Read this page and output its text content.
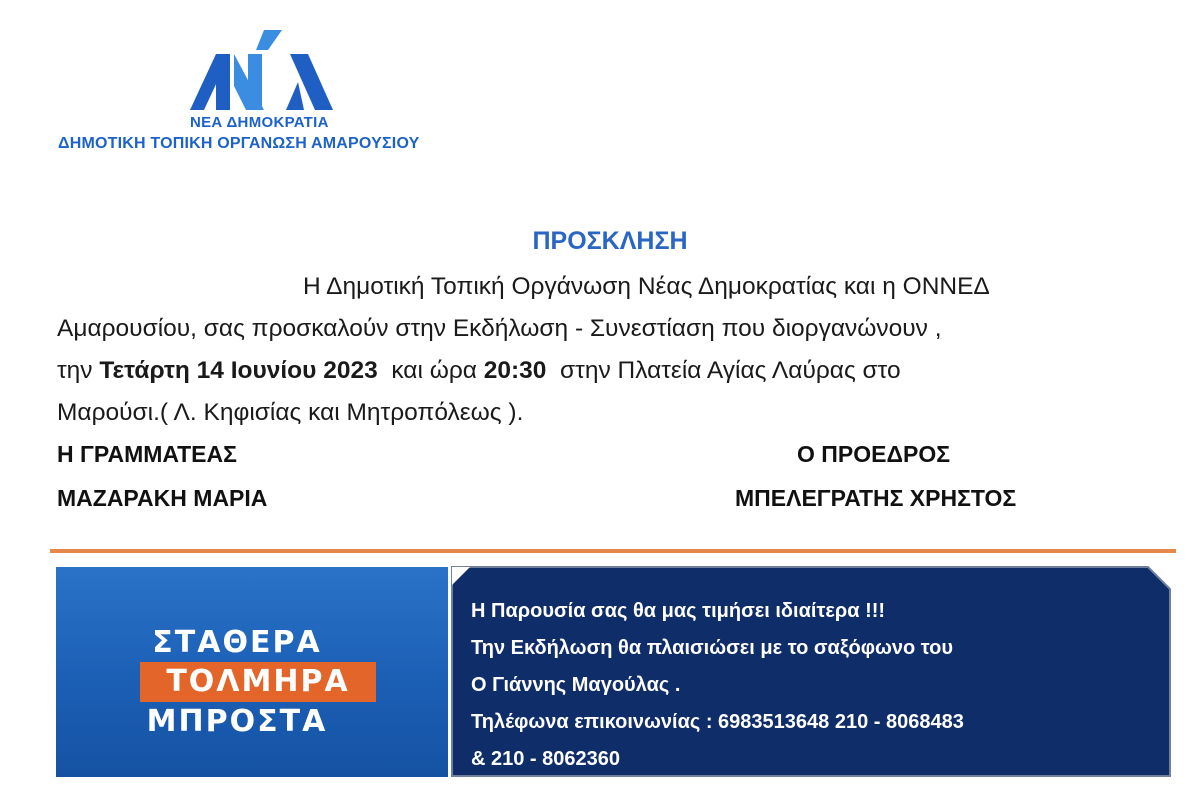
ΝΕΑ ΔΗΜΟΚΡΑΤΙΑ
ΔΗΜΟΤΙΚΗ ΤΟΠΙΚΗ ΟΡΓΑΝΩΣΗ ΑΜΑΡΟΥΣΙΟΥ
ΠΡΟΣΚΛΗΣΗ
Η Δημοτική Τοπική Οργάνωση Νέας Δημοκρατίας και η ΟΝΝΕΔ
Αμαρουσίου, σας προσκαλούν στην Εκδήλωση - Συνεστίαση που διοργανώνουν ,
την Τετάρτη 14 Ιουνίου 2023  και ώρα 20:30  στην Πλατεία Αγίας Λαύρας στο
Μαρούσι.( Λ. Κηφισίας και Μητροπόλεως ).
Η ΓΡΑΜΜΑΤΕΑΣ
ΜΑΖΑΡΑΚΗ ΜΑΡΙΑ
Ο ΠΡΟΕΔΡΟΣ
ΜΠΕΛΕΓΡΑΤΗΣ ΧΡΗΣΤΟΣ
ΣΤΑΘΕΡΑ
ΤΟΛΜΗΡΑ
ΜΠΡΟΣΤΑ
Η Παρουσία σας θα μας τιμήσει ιδιαίτερα !!!
Την Εκδήλωση θα πλαισιώσει με το σαξόφωνο του
Ο Γιάννης Μαγούλας .
Τηλέφωνα επικοινωνίας : 6983513648 210 - 8068483
& 210 - 8062360
